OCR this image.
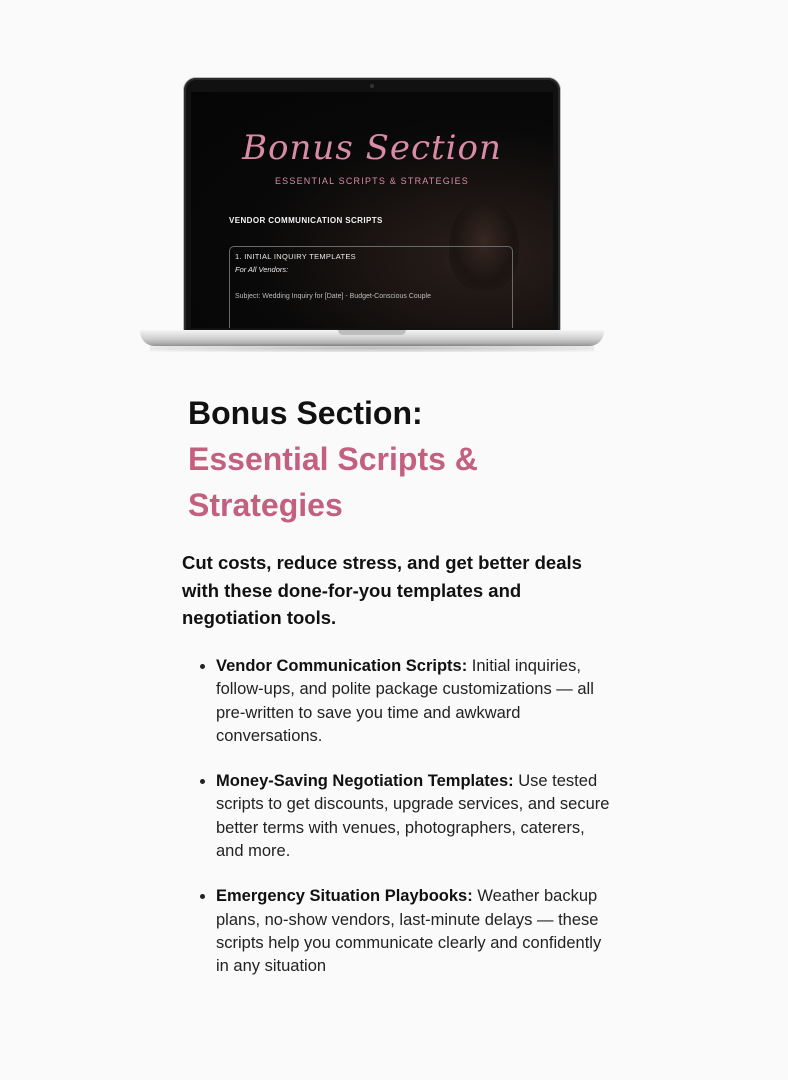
Bonus Section
ESSENTIAL SCRIPTS & STRATEGIES
VENDOR COMMUNICATION SCRIPTS
1. INITIAL INQUIRY TEMPLATES
For All Vendors:
Subject: Wedding Inquiry for [Date] - Budget-Conscious Couple
Bonus Section:
Essential Scripts & Strategies
Cut costs, reduce stress, and get better deals with these done-for-you templates and negotiation tools.
• Vendor Communication Scripts: Initial inquiries, follow-ups, and polite package customizations — all pre-written to save you time and awkward conversations.
• Money-Saving Negotiation Templates: Use tested scripts to get discounts, upgrade services, and secure better terms with venues, photographers, caterers, and more.
• Emergency Situation Playbooks: Weather backup plans, no-show vendors, last-minute delays — these scripts help you communicate clearly and confidently in any situation
